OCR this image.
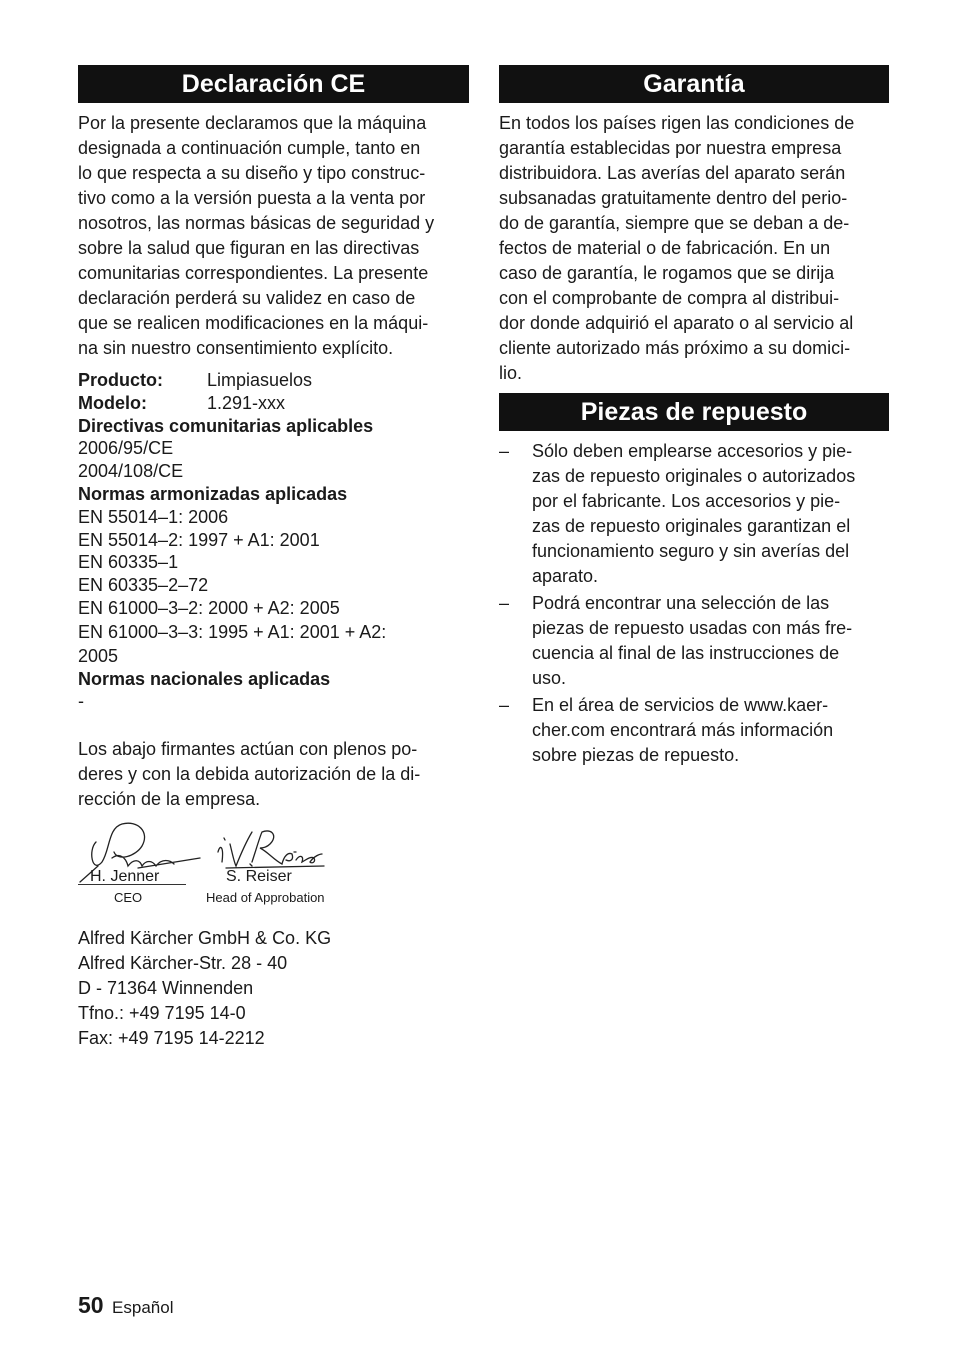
Declaración CE
Por la presente declaramos que la máquina
designada a continuación cumple, tanto en
lo que respecta a su diseño y tipo construc-
tivo como a la versión puesta a la venta por
nosotros, las normas básicas de seguridad y
sobre la salud que figuran en las directivas
comunitarias correspondientes. La presente
declaración perderá su validez en caso de
que se realicen modificaciones en la máqui-
na sin nuestro consentimiento explícito.
Producto:	Limpiasuelos
Modelo:	1.291-xxx
Directivas comunitarias aplicables
2006/95/CE
2004/108/CE
Normas armonizadas aplicadas
EN 55014–1: 2006
EN 55014–2: 1997 + A1: 2001
EN 60335–1
EN 60335–2–72
EN 61000–3–2: 2000 + A2: 2005
EN 61000–3–3: 1995 + A1: 2001 + A2:
2005
Normas nacionales aplicadas
-
Los abajo firmantes actúan con plenos po-
deres y con la debida autorización de la di-
rección de la empresa.
H. Jenner
CEO
S. Reiser
Head of Approbation
Alfred Kärcher GmbH & Co. KG
Alfred Kärcher-Str. 28 - 40
D - 71364 Winnenden
Tfno.: +49 7195 14-0
Fax: +49 7195 14-2212
Garantía
En todos los países rigen las condiciones de
garantía establecidas por nuestra empresa
distribuidora. Las averías del aparato serán
subsanadas gratuitamente dentro del perio-
do de garantía, siempre que se deban a de-
fectos de material o de fabricación. En un
caso de garantía, le rogamos que se dirija
con el comprobante de compra al distribui-
dor donde adquirió el aparato o al servicio al
cliente autorizado más próximo a su domici-
lio.
Piezas de repuesto
– Sólo deben emplearse accesorios y pie-
zas de repuesto originales o autorizados
por el fabricante. Los accesorios y pie-
zas de repuesto originales garantizan el
funcionamiento seguro y sin averías del
aparato.
– Podrá encontrar una selección de las
piezas de repuesto usadas con más fre-
cuencia al final de las instrucciones de
uso.
– En el área de servicios de www.kaer-
cher.com encontrará más información
sobre piezas de repuesto.
50 Español
